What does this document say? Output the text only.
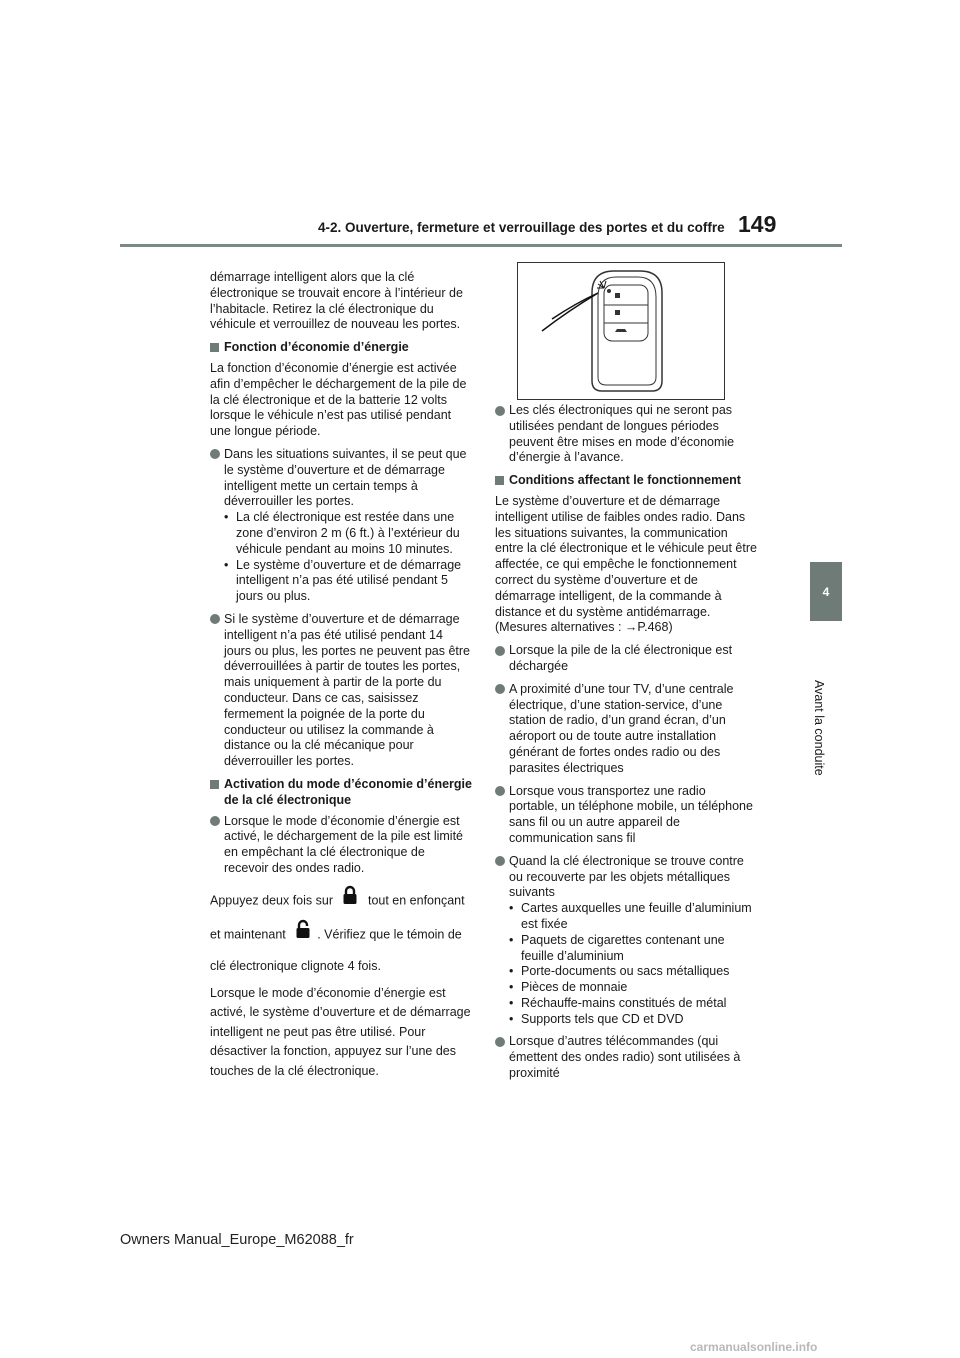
4-2. Ouverture, fermeture et verrouillage des portes et du coffre 149
4
Avant la conduite

démarrage intelligent alors que la clé électronique se trouvait encore à l’intérieur de l’habitacle. Retirez la clé électronique du véhicule et verrouillez de nouveau les portes.

Fonction d’économie d’énergie

La fonction d’économie d’énergie est activée afin d’empêcher le déchargement de la pile de la clé électronique et de la batterie 12 volts lorsque le véhicule n’est pas utilisé pendant une longue période.

Dans les situations suivantes, il se peut que le système d’ouverture et de démarrage intelligent mette un certain temps à déverrouiller les portes.
• La clé électronique est restée dans une zone d’environ 2 m (6 ft.) à l’extérieur du véhicule pendant au moins 10 minutes.
• Le système d’ouverture et de démarrage intelligent n’a pas été utilisé pendant 5 jours ou plus.
Si le système d’ouverture et de démarrage intelligent n’a pas été utilisé pendant 14 jours ou plus, les portes ne peuvent pas être déverrouillées à partir de toutes les portes, mais uniquement à partir de la porte du conducteur. Dans ce cas, saisissez fermement la poignée de la porte du conducteur ou utilisez la commande à distance ou la clé mécanique pour déverrouiller les portes.
Activation du mode d’économie d’énergie de la clé électronique
Lorsque le mode d’économie d’énergie est activé, le déchargement de la pile est limité en empêchant la clé électronique de recevoir des ondes radio.

Appuyez deux fois sur	tout en enfonçant
et maintenant	. Vérifiez que le témoin de
clé électronique clignote 4 fois.

Lorsque le mode d’économie d’énergie est activé, le système d’ouverture et de démarrage intelligent ne peut pas être utilisé. Pour désactiver la fonction, appuyez sur l’une des touches de la clé électronique.

Les clés électroniques qui ne seront pas utilisées pendant de longues périodes peuvent être mises en mode d’économie d’énergie à l’avance.
Conditions affectant le fonctionnement

Le système d’ouverture et de démarrage intelligent utilise de faibles ondes radio. Dans les situations suivantes, la communication entre la clé électronique et le véhicule peut être affectée, ce qui empêche le fonctionnement correct du système d’ouverture et de démarrage intelligent, de la commande à distance et du système antidémarrage. (Mesures alternatives : →P.468)

Lorsque la pile de la clé électronique est déchargée
A proximité d’une tour TV, d’une centrale électrique, d’une station-service, d’une station de radio, d’un grand écran, d’un aéroport ou de toute autre installation générant de fortes ondes radio ou des parasites électriques
Lorsque vous transportez une radio portable, un téléphone mobile, un téléphone sans fil ou un autre appareil de communication sans fil
Quand la clé électronique se trouve contre ou recouverte par les objets métalliques suivants
• Cartes auxquelles une feuille d’aluminium est fixée
• Paquets de cigarettes contenant une feuille d’aluminium
• Porte-documents ou sacs métalliques
• Pièces de monnaie
• Réchauffe-mains constitués de métal
• Supports tels que CD et DVD
Lorsque d’autres télécommandes (qui émettent des ondes radio) sont utilisées à proximité
Owners Manual_Europe_M62088_fr
carmanualsonline.info
